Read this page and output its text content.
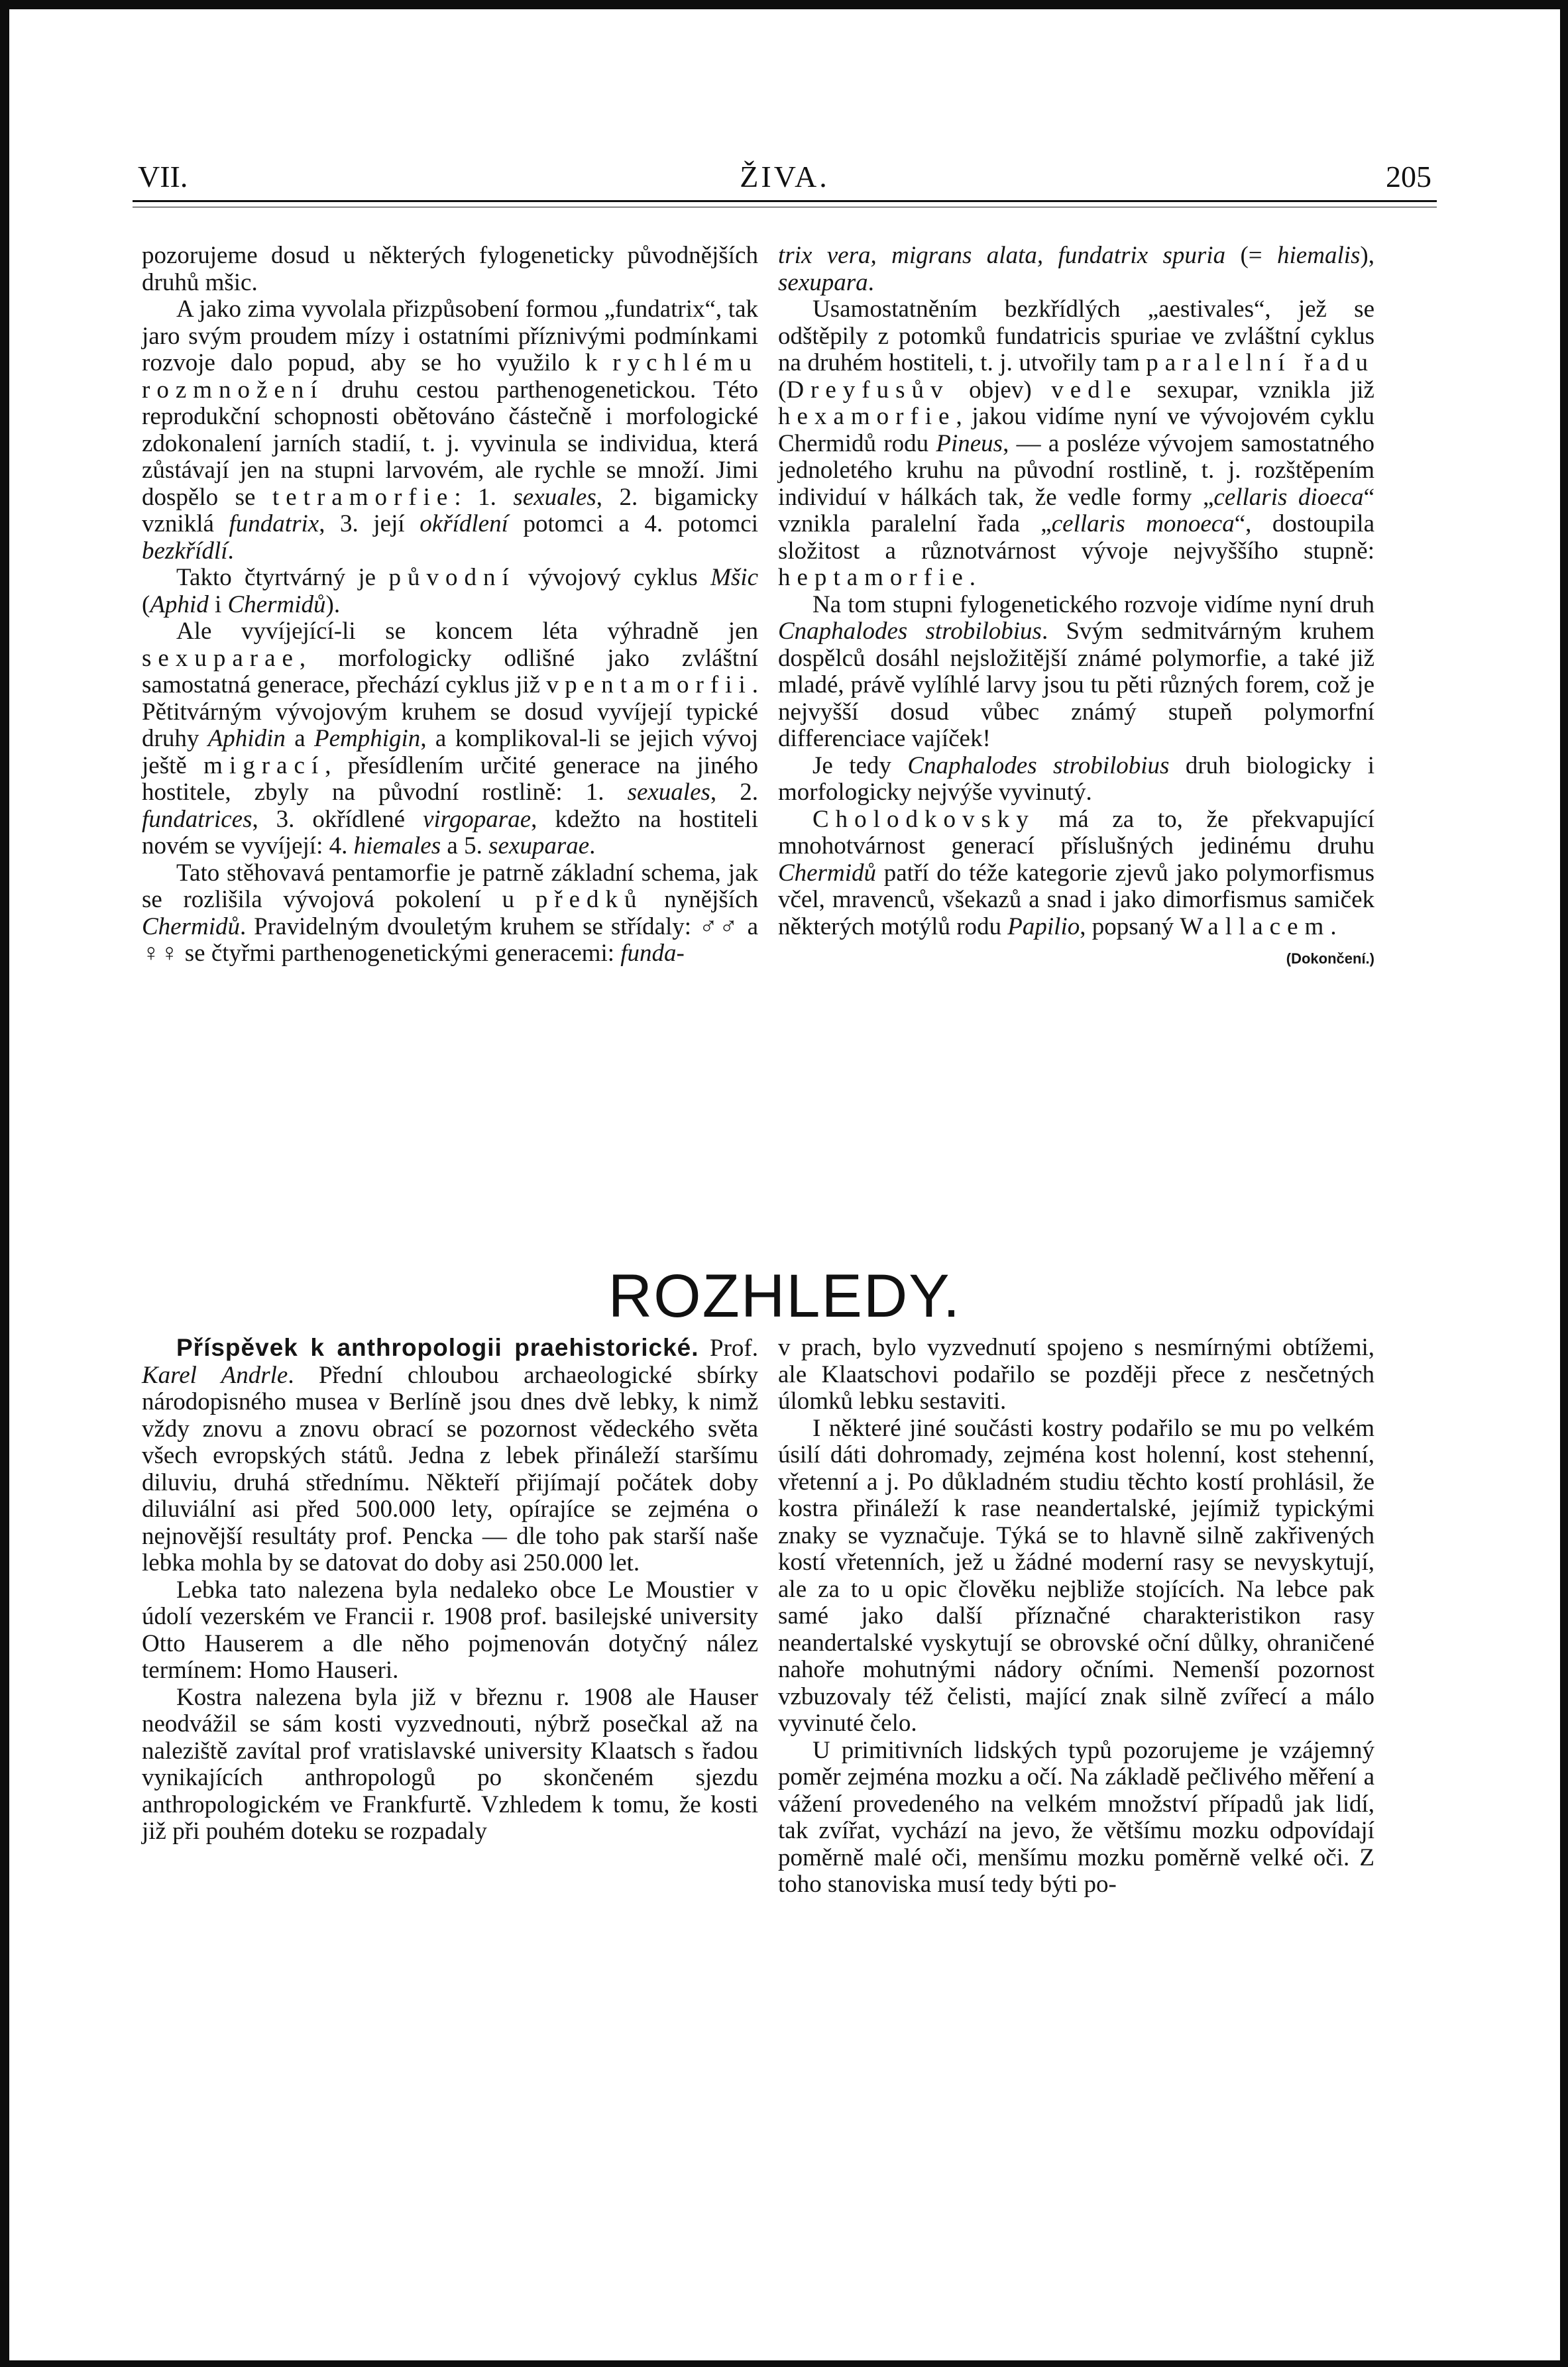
VII.	ŽIVA.	205

pozorujeme dosud u některých fylogeneticky původnějších druhů mšic.

A jako zima vyvolala přizpůsobení formou „fundatrix“, tak jaro svým proudem mízy i ostatními příznivými podmínkami rozvoje dalo popud, aby se ho využilo k rychlému rozmnožení druhu cestou parthenogenetickou. Této reprodukční schopnosti obětováno částečně i morfologické zdokonalení jarních stadií, t. j. vyvinula se individua, která zůstávají jen na stupni larvovém, ale rychle se množí. Jimi dospělo se tetramorfie: 1. sexuales, 2. bigamicky vzniklá fundatrix, 3. její okřídlení potomci a 4. potomci bezkřídlí.

Takto čtyrtvárný je původní vývojový cyklus Mšic (Aphid i Chermidů).

Ale vyvíjející-li se koncem léta výhradně jen sexuparae, morfologicky odlišné jako zvláštní samostatná generace, přechází cyklus již v pentamorfii. Pětitvárným vývojovým kruhem se dosud vyvíjejí typické druhy Aphidin a Pemphigin, a komplikoval-li se jejich vývoj ještě migrací, přesídlením určité generace na jiného hostitele, zbyly na původní rostlině: 1. sexuales, 2. fundatrices, 3. okřídlené virgoparae, kdežto na hostiteli novém se vyvíjejí: 4. hiemales a 5. sexuparae.

Tato stěhovavá pentamorfie je patrně základní schema, jak se rozlišila vývojová pokolení u předků nynějších Chermidů. Pravidelným dvouletým kruhem se střídaly: ♂♂ a ♀♀ se čtyřmi parthenogenetickými generacemi: funda-

trix vera, migrans alata, fundatrix spuria (= hiemalis), sexupara.

Usamostatněním bezkřídlých „aestivales“, jež se odštěpily z potomků fundatricis spuriae ve zvláštní cyklus na druhém hostiteli, t. j. utvořily tam paralelní řadu (Dreyfusův objev) vedle sexupar, vznikla již hexamorfie, jakou vidíme nyní ve vývojovém cyklu Chermidů rodu Pineus, — a posléze vývojem samostatného jednoletého kruhu na původní rostlině, t. j. rozštěpením individuí v hálkách tak, že vedle formy „cellaris dioeca“ vznikla paralelní řada „cellaris monoeca“, dostoupila složitost a různotvárnost vývoje nejvyššího stupně: heptamorfie.

Na tom stupni fylogenetického rozvoje vidíme nyní druh Cnaphalodes strobilobius. Svým sedmitvárným kruhem dospělců dosáhl nejsložitější známé polymorfie, a také již mladé, právě vylíhlé larvy jsou tu pěti různých forem, což je nejvyšší dosud vůbec známý stupeň polymorfní differenciace vajíček!

Je tedy Cnaphalodes strobilobius druh biologicky i morfologicky nejvýše vyvinutý.

Cholodkovsky má za to, že překvapující mnohotvárnost generací příslušných jedinému druhu Chermidů patří do téže kategorie zjevů jako polymorfismus včel, mravenců, všekazů a snad i jako dimorfismus samiček některých motýlů rodu Papilio, popsaný Wallacem.
(Dokončení.)

ROZHLEDY.

Příspěvek k anthropologii praehistorické. Prof. Karel Andrle. Přední chloubou archaeologické sbírky národopisného musea v Berlíně jsou dnes dvě lebky, k nimž vždy znovu a znovu obrací se pozornost vědeckého světa všech evropských států. Jedna z lebek přináleží staršímu diluviu, druhá střednímu. Někteří přijímají počátek doby diluviální asi před 500.000 lety, opírajíce se zejména o nejnovější resultáty prof. Pencka — dle toho pak starší naše lebka mohla by se datovat do doby asi 250.000 let.

Lebka tato nalezena byla nedaleko obce Le Moustier v údolí vezerském ve Francii r. 1908 prof. basilejské university Otto Hauserem a dle něho pojmenován dotyčný nález termínem: Homo Hauseri.

Kostra nalezena byla již v březnu r. 1908 ale Hauser neodvážil se sám kosti vyzvednouti, nýbrž posečkal až na naleziště zavítal prof vratislavské university Klaatsch s řadou vynikajících anthropologů po skončeném sjezdu anthropologickém ve Frankfurtě. Vzhledem k tomu, že kosti již při pouhém doteku se rozpadaly

v prach, bylo vyzvednutí spojeno s nesmírnými obtížemi, ale Klaatschovi podařilo se později přece z nesčetných úlomků lebku sestaviti.

I některé jiné součásti kostry podařilo se mu po velkém úsilí dáti dohromady, zejména kost holenní, kost stehenní, vřetenní a j. Po důkladném studiu těchto kostí prohlásil, že kostra přináleží k rase neandertalské, jejímiž typickými znaky se vyznačuje. Týká se to hlavně silně zakřivených kostí vřetenních, jež u žádné moderní rasy se nevyskytují, ale za to u opic člověku nejbliže stojících. Na lebce pak samé jako další příznačné charakteristikon rasy neandertalské vyskytují se obrovské oční důlky, ohraničené nahoře mohutnými nádory očními. Nemenší pozornost vzbuzovaly též čelisti, mající znak silně zvířecí a málo vyvinuté čelo.

U primitivních lidských typů pozorujeme je vzájemný poměr zejména mozku a očí. Na základě pečlivého měření a vážení provedeného na velkém množství případů jak lidí, tak zvířat, vychází na jevo, že většímu mozku odpovídají poměrně malé oči, menšímu mozku poměrně velké oči. Z toho stanoviska musí tedy býti po-
